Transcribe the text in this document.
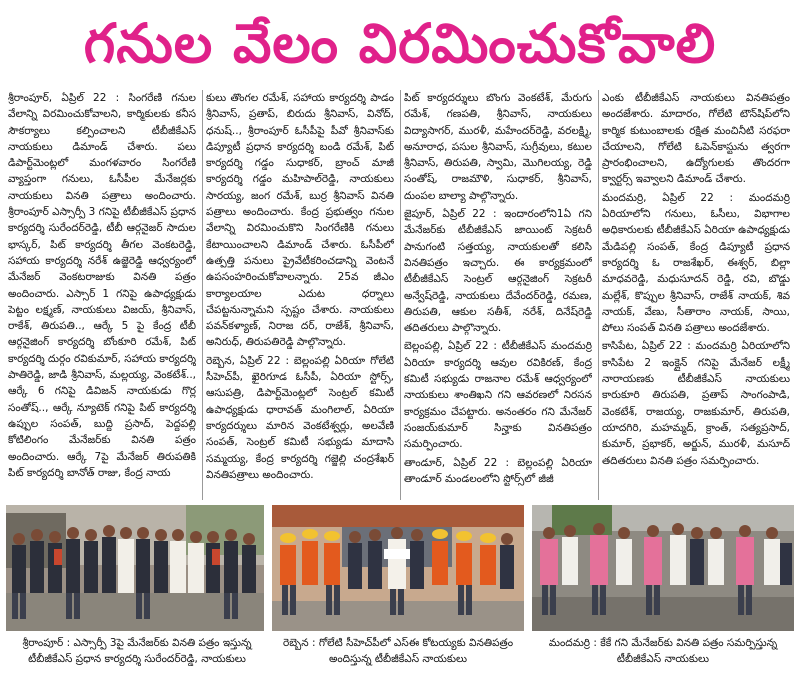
గనుల వేలం విరమించుకోవాలి

శ్రీరాంపూర్‌, ఏప్రిల్‌ 22 : సింగరేణి గనుల వేలాన్ని విరమించుకోవాలని, కార్మికులకు కనీస సౌకర్యాలు కల్పించాలని టీబీజీకేఎస్‌ నాయకులు డిమాండ్‌ చేశారు. పలు డిపార్ట్‌మెంట్లలో మంగళవారం సింగరేణి వ్యాప్తంగా గనులు, ఓసీపీల మేనేజర్లకు నాయకులు వినతి పత్రాలు అందించారు. శ్రీరాంపూర్‌ ఎస్సార్పీ 3 గనిపై టీబీజీకేఎస్‌ ప్రధాన కార్యదర్శి సురేందర్‌రెడ్డి, టీబీ ఆర్గనైజర్‌ సాదుల భాస్కర్‌, పిట్‌ కార్యదర్శి తీగల వెంకటరెడ్డి, సహాయ కార్యదర్శి నరేశ్‌ ఉజ్జెరెడ్డి ఆధ్వర్యంలో మేనేజర్‌ వెంకటరాజుకు వినతి పత్రం అందించారు. ఎస్సార్‌ 1 గనిపై ఉపాధ్యక్షుడు పెట్టం లక్ష్మణ్‌, నాయకులు విజయ్‌, శ్రీనివాస్‌, రాకేశ్‌, తిరుపతి.., ఆర్కే 5 పై కేంద్ర టీబీ ఆర్గనైజింగ్‌ కార్యదర్శి బోంకూరి రమేశ్‌, పిట్‌ కార్యదర్శి దుర్గం రవికుమార్‌, సహాయ కార్యదర్శి పాతిరెడ్డి, జాడి శ్రీనివాస్‌, మల్లయ్య, వెంకటేశ్‌.., ఆర్కే 6 గనిపై డివిజన్‌ నాయకుడు గొర్ల సంతోష్‌.., ఆర్కే న్యూటెక్‌ గనిపై పిట్‌ కార్యదర్శి ఉప్పుల సంపత్‌, బుద్ది ప్రసాద్‌, పెద్దపల్లి కోటిలింగం మేనేజర్‌కు వినతి పత్రం అందించారు. ఆర్కే 7పై మేనేజర్‌ తిరుపతికి పిట్‌ కార్యదర్శి బానోత్‌ రాజు, కేంద్ర నాయ

కులు తొంగల రమేశ్‌, సహాయ కార్యదర్శి పాడం శ్రీనివాస్‌, ప్రతాప్‌, బిరుదు శ్రీనివాస్‌, వినోద్‌, ధనుష్‌.., శ్రీరాంపూర్‌ ఓసీపీపై పీవో శ్రీనివాస్‌కు డిప్యూటీ ప్రధాన కార్యదర్శి బండి రమేశ్‌, పిట్‌ కార్యదర్శి గడ్డం సుధాకర్‌, బ్రాంచ్‌ మాజీ కార్యదర్శి గడ్డం మహిపాల్‌రెడ్డి, నాయకులు సారయ్య, జంగ రమేశ్‌, బుర్ర శ్రీనివాస్‌ వినతి పత్రాలు అందించారు. కేంద్ర ప్రభుత్వం గనుల వేలాన్ని విరమించుకొని సింగరేణికి గనులు కేటాయించాలని డిమాండ్‌ చేశారు. ఓసీపీలో ఉత్పత్తి పనులు ప్రైవేటీకరించడాన్ని వెంటనే ఉపసంహరించుకోవాలన్నారు. 25వ జీఎం కార్యాలయాల ఎదుట ధర్నాలు చేపట్టనున్నామని స్పష్టం చేశారు. నాయకులు పవన్‌కళ్యాణ్‌, నిరాజ దర్‌, రాజేశ్‌, శ్రీనివాస్‌, అనిరుధ్‌, తిరుపతిరెడ్డి పాల్గొన్నారు.

రెబ్బెన, ఏప్రిల్‌ 22 : బెల్లంపల్లి ఏరియా గోలేటి సీహెచ్‌పీ, ఖైరిగూడ ఓసీపీ, ఏరియా స్టోర్స్‌, ఆసుపత్రి, డిపార్ట్‌మెంట్లలో సెంట్రల్‌ కమిటీ ఉపాధ్యక్షుడు ధారావత్‌ మంగిలాల్‌, ఏరియా కార్యదర్శులు మారిన వెంకటేశ్వర్లు, అలవేణి సంపత్‌, సెంట్రల్‌ కమిటీ సభ్యుడు మాదాసి సమ్మయ్య, కేంద్ర కార్యదర్శి గజ్జెల్లి చంద్రశేఖర్‌ వినతిపత్రాలు అందించారు.

పిట్‌ కార్యదర్శులు బొంగు వెంకటేశ్‌, మేరుగు రమేశ్‌, గణపతి, శ్రీనివాస్‌, నాయకులు విద్యాసాగర్‌, మురళీ, మహేందర్‌రెడ్డి, వరలక్ష్మి, అనూరాధ, పసుల శ్రీనివాస్‌, సుగ్రీవులు, కటుల శ్రీనివాస్‌, తిరుపతి, స్వామి, మొగిలయ్య, రెడ్డి సంతోష్‌, రాజమౌళి, సుధాకర్‌, శ్రీనివాస్‌, దుంపల బాల్యా పాల్గొన్నారు.

జైపూర్‌, ఏప్రిల్‌ 22 : ఇందారంలోని1ఏ గని మేనేజర్‌కు టీబీజీకేఎస్‌ జాయింట్‌ సెక్రటరీ పానుగంటి సత్తయ్య, నాయకులతో కలిసి వినతిపత్రం ఇచ్చారు. ఈ కార్యక్రమంలో టీబీజీకేఎస్‌ సెంట్రల్‌ ఆర్గనైజింగ్‌ సెక్రటరీ అన్వేష్‌రెడ్డి, నాయకులు దేవేందర్‌రెడ్డి, రమణ, తిరుపతి, ఆకుల సతీశ్‌, నరేశ్‌, దినేష్‌రెడ్డి తదితరులు పాల్గొన్నారు.

బెల్లంపల్లి, ఏప్రిల్‌ 22 : టీబీజీకేఎస్‌ మందమర్రి ఏరియా కార్యదర్శి ఆవుల రవికిరణ్‌, కేంద్ర కమిటీ సభ్యుడు రాజనాల రమేశ్‌ ఆధ్వర్యంలో నాయకులు శాంతిఖని గని ఆవరణలో నిరసన కార్యక్రమం చేపట్టారు. అనంతరం గని మేనేజర్‌ సంజయ్‌కుమార్‌ సిన్హాకు వినతిపత్రం సమర్పించారు.

తాండూర్‌, ఏప్రిల్‌ 22 : బెల్లంపల్లి ఏరియా తాండూర్‌ మండలంలోని స్టోర్స్‌లో జీజీ

ఎంకు టీబీజీకేఎస్‌ నాయకులు వినతిపత్రం అందజేశారు. మాదారం, గోలేటి టౌన్‌షిప్‌లోని కార్మిక కుటుంబాలకు రక్షిత మంచినీటి సరఫరా చేయాలని, గోలేటి ఓపెన్‌కాస్టును త్వరగా ప్రారంభించాలని, ఉద్యోగులకు తొందరగా క్వార్టర్స్‌ ఇవ్వాలని డిమాండ్‌ చేశారు.

మందమర్రి, ఏప్రిల్‌ 22 : మందమర్రి ఏరియాలోని గనులు, ఓసీలు, విభాగాల అధికారులకు టీబీజీకేఎస్‌ ఏరియా ఉపాధ్యక్షుడు మేడిపల్లి సంపత్‌, కేంద్ర డిప్యూటీ ప్రధాన కార్యదర్శి ఓ రాజశేఖర్‌, ఈశ్వర్‌, బిల్లా మాధవరెడ్డి, మధుసూదన్‌ రెడ్డి, రవి, బొడ్డు మల్లేశ్‌, కొప్పుల శ్రీనివాస్‌, రాజేశ్‌ నాయక్‌, శివ నాయక్‌, వేణు, సీతారాం నాయక్‌, సాయి, పోలు సంపత్‌ వినతి పత్రాలు అందజేశారు.

కాసిపేట, ఏప్రిల్‌ 22 : మందమర్రి ఏరియాలోని కాసిపేట 2 ఇంక్లైన్‌ గనిపై మేనేజర్‌ లక్ష్మీ నారాయణకు టీబీజీకేఎస్‌ నాయకులు కారుకూరి తిరుపతి, ప్రతాప్‌ సాంగంపాడి, వెంకటేశ్‌, రాజయ్య, రాజకుమార్‌, తిరుపతి, యాదగిరి, మహమ్మద్‌, క్రాంత్‌, సత్యప్రసాద్‌, కుమార్‌, ప్రభాకర్‌, అర్జున్‌, మురళీ, మసూద్‌ తదితరులు వినతి పత్రం సమర్పించారు.

శ్రీరాంపూర్‌ : ఎస్సార్పీ 3పై మేనేజర్‌కు వినతి పత్రం ఇస్తున్న టీబీజీకేఎస్‌ ప్రధాన కార్యదర్శి సురేందర్‌రెడ్డి, నాయకులు
రెబ్బెన : గోలేటి సీహెచ్‌పీలో ఎస్‌ఈ కోటయ్యకు వినతిపత్రం అందిస్తున్న టీబీజీకేఎస్‌ నాయకులు
మందమర్రి : కేకే గని మేనేజర్‌కు వినతి పత్రం సమర్పిస్తున్న టీబీజీకేఎస్‌ నాయకులు
